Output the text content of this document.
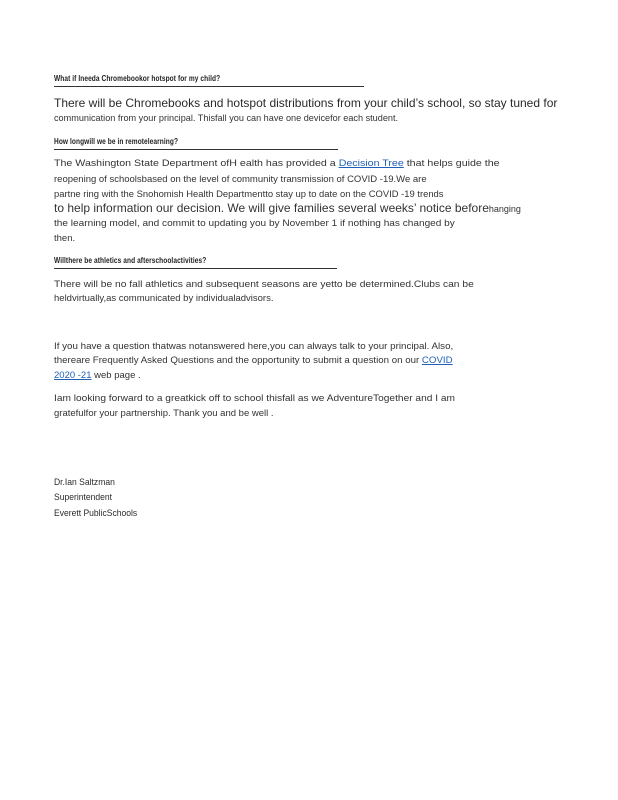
What if Ineeda Chromebookor hotspot for my child?
There will be Chromebooks and hotspot distributions from your child’s school, so stay tuned for
communication from your principal. Thisfall you can have one devicefor each student.
How longwill we be in remotelearning?
The Washington State Department ofH ealth has provided a Decision Tree that helps guide the
reopening of schoolsbased on the level of community transmission of COVID -19.We are
partne ring with the Snohomish Health Departmentto stay up to date on the COVID -19 trends
to help information our decision. We will give families several weeks’ notice beforehanging
the learning model, and commit to updating you by November 1 if nothing has changed by
then.
Willthere be athletics and afterschoolactivities?
There will be no fall athletics and subsequent seasons are yetto be determined.Clubs can be
heldvirtually,as communicated by individualadvisors.
If you have a question thatwas notanswered here,you can always talk to your principal. Also,
thereare Frequently Asked Questions and the opportunity to submit a question on our COVID
2020 -21 web page .
Iam looking forward to a greatkick off to school thisfall as we AdventureTogether and I am
gratefulfor your partnership. Thank you and be well .
Dr.Ian Saltzman
Superintendent
Everett PublicSchools
